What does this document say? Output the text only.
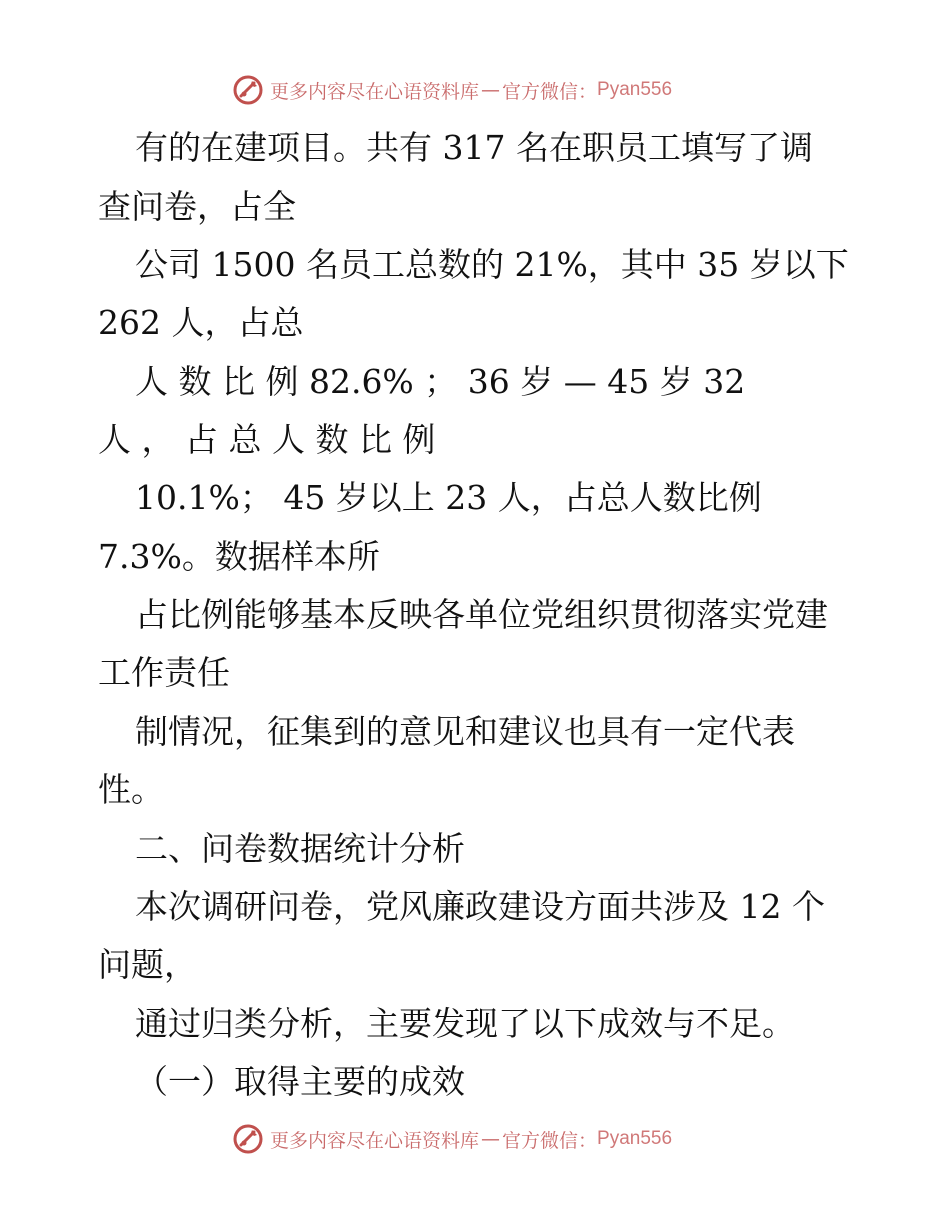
更多内容尽在心语资料库 — 官方微信： Pyan556
有的在建项目。共有 317 名在职员工填写了调
查问卷，占全
公司 1500 名员工总数的 21%，其中 35 岁以下
262 人，占总
人 数 比 例 82.6% ； 36 岁 — 45 岁 32
人 ， 占 总 人 数 比 例
10.1%； 45 岁以上 23 人，占总人数比例
7.3%。数据样本所
占比例能够基本反映各单位党组织贯彻落实党建
工作责任
制情况，征集到的意见和建议也具有一定代表
性。
二、问卷数据统计分析
本次调研问卷，党风廉政建设方面共涉及 12 个
问题，
通过归类分析，主要发现了以下成效与不足。
（一）取得主要的成效
更多内容尽在心语资料库 — 官方微信： Pyan556
